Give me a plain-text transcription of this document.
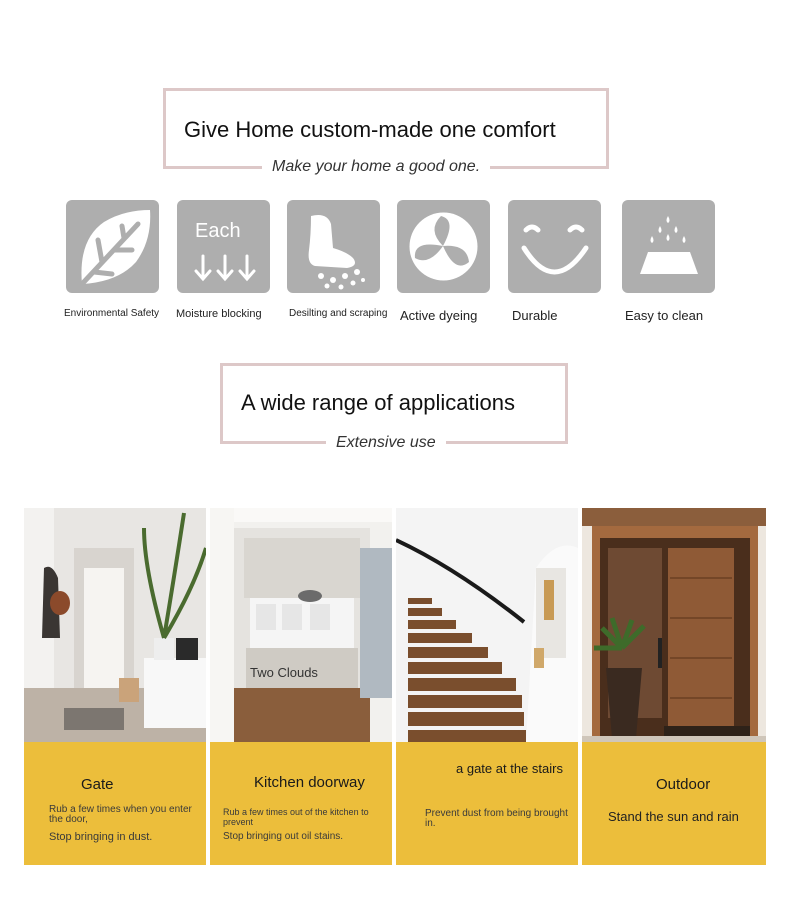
Give Home custom-made one comfort
Make your home a good one.
Environmental Safety
Each
Moisture blocking	Desilting and scraping Active dyeing	Durable	Easy to clean
A wide range of applications
Extensive use
Gate
Rub a few times when you enter the door,
Stop bringing in dust.
Two Clouds
Kitchen doorway
Rub a few times out of the kitchen to prevent
Stop bringing out oil stains.
a gate at the stairs
Prevent dust from being brought in.
Outdoor
Stand the sun and rain
